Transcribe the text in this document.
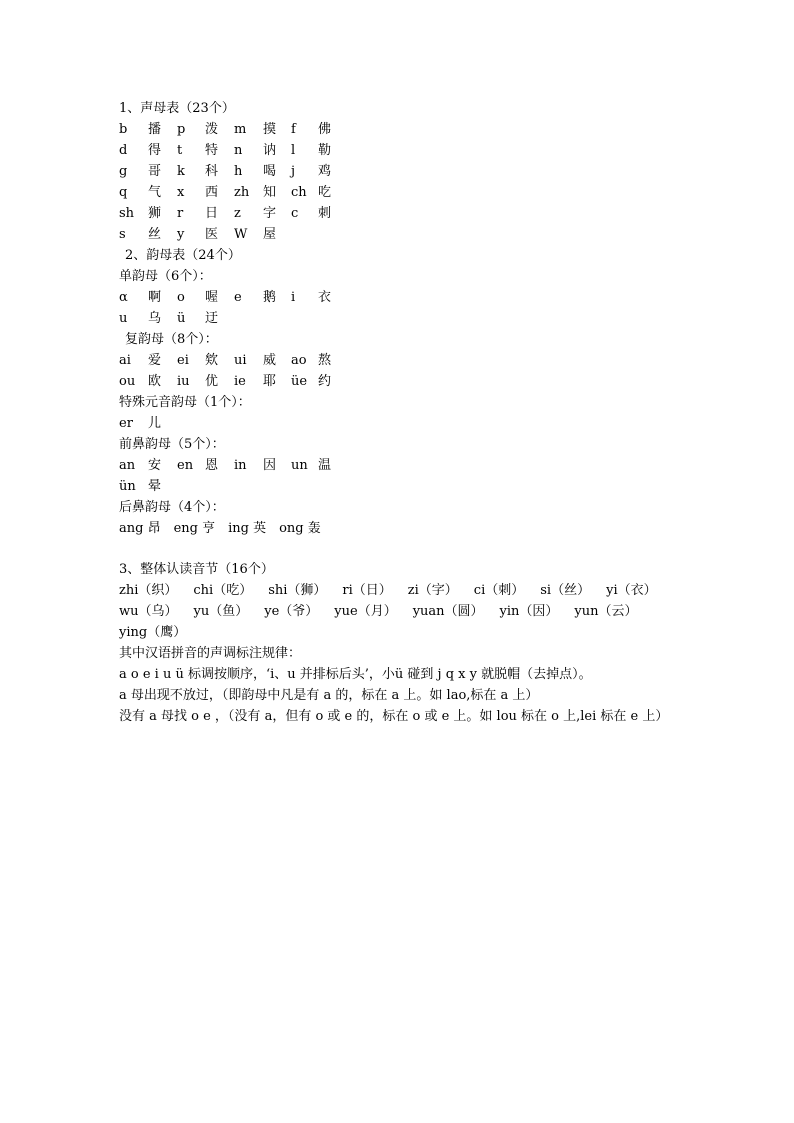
1、声母表（23个）
b 播 p 泼 m 摸 f 佛
d 得 t 特 n 讷 l 勒
g 哥 k 科 h 喝 j 鸡
q 气 x 西 zh 知 ch 吃
sh 狮 r 日 z 字 c 刺
s 丝 y 医 W 屋
2、韵母表（24个）
单韵母（6个）：
α 啊 o 喔 e 鹅 i 衣
u 乌 ü 迂
复韵母（8个）：
ai 爱 ei 欸 ui 威 ao 熬
ou 欧 iu 优 ie 耶 üe 约
特殊元音韵母（1个）：
er 儿
前鼻韵母（5个）：
an 安 en 恩 in 因 un 温
ün 晕
后鼻韵母（4个）：
ang 昂　eng 亨　ing 英　ong 轰
3、整体认读音节（16个）
zhi（织） chi（吃） shi（狮） ri（日） zi（字） ci（刺） si（丝） yi（衣）wu（乌） yu（鱼） ye（爷） yue（月） yuan（圆） yin（因） yun（云）ying（鹰）
其中汉语拼音的声调标注规律：
a o e i u ü 标调按顺序，‘i、u 并排标后头’，小ü 碰到 j q x y 就脱帽（去掉点）。
a 母出现不放过，（即韵母中凡是有 a 的，标在 a 上。如 lao,标在 a 上）
没有 a 母找 o e ，（没有 a，但有 o 或 e 的，标在 o 或 e 上。如 lou 标在 o 上,lei 标在 e 上）
